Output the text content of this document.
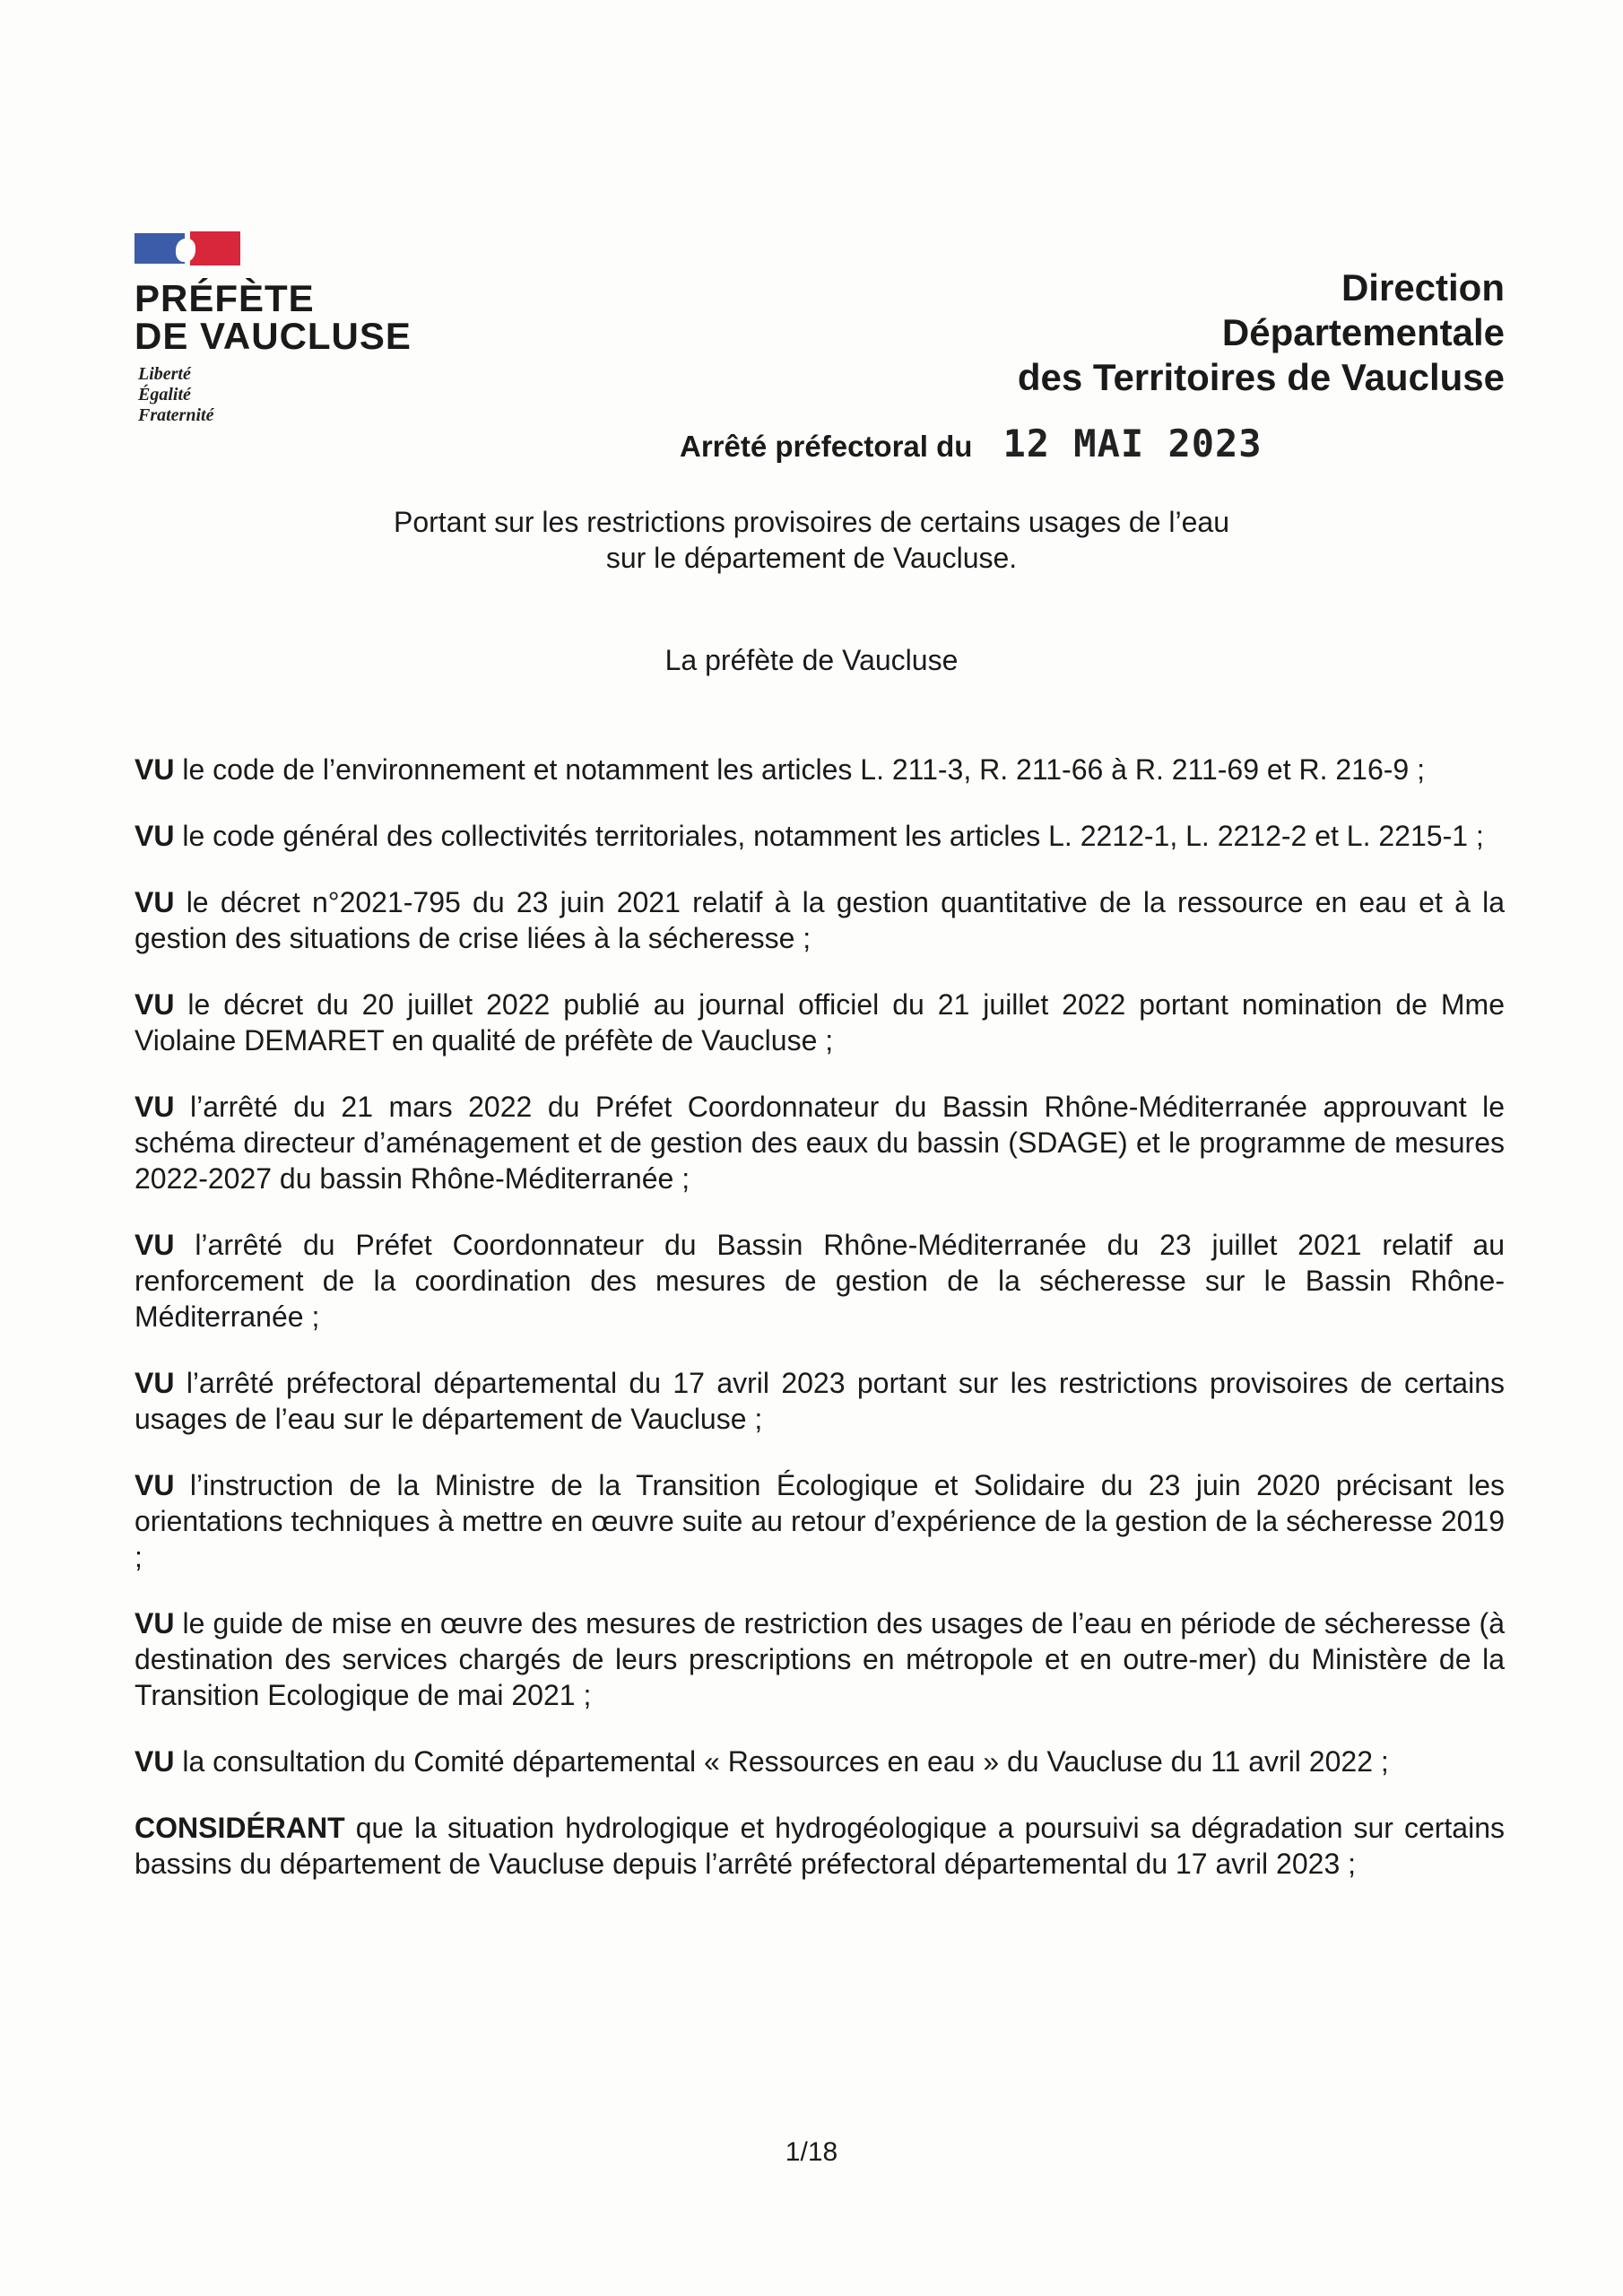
PRÉFÈTE
DE VAUCLUSE
Liberté
Égalité
Fraternité
Direction
Départementale
des Territoires de Vaucluse
Arrêté préfectoral du 12 MAI 2023
Portant sur les restrictions provisoires de certains usages de l’eau
sur le département de Vaucluse.
La préfète de Vaucluse

VU le code de l’environnement et notamment les articles L. 211-3, R. 211-66 à R. 211-69 et R. 216-9 ;

VU le code général des collectivités territoriales, notamment les articles L. 2212-1, L. 2212-2 et L. 2215-1 ;

VU le décret n°2021-795 du 23 juin 2021 relatif à la gestion quantitative de la ressource en eau et à la gestion des situations de crise liées à la sécheresse ;

VU le décret du 20 juillet 2022 publié au journal officiel du 21 juillet 2022 portant nomination de Mme Violaine DEMARET en qualité de préfète de Vaucluse ;

VU l’arrêté du 21 mars 2022 du Préfet Coordonnateur du Bassin Rhône-Méditerranée approuvant le schéma directeur d’aménagement et de gestion des eaux du bassin (SDAGE) et le programme de mesures 2022-2027 du bassin Rhône-Méditerranée ;

VU l’arrêté du Préfet Coordonnateur du Bassin Rhône-Méditerranée du 23 juillet 2021 relatif au renforcement de la coordination des mesures de gestion de la sécheresse sur le Bassin Rhône-Méditerranée ;

VU l’arrêté préfectoral départemental du 17 avril 2023 portant sur les restrictions provisoires de certains usages de l’eau sur le département de Vaucluse ;

VU l’instruction de la Ministre de la Transition Écologique et Solidaire du 23 juin 2020 précisant les orientations techniques à mettre en œuvre suite au retour d’expérience de la gestion de la sécheresse 2019 ;

VU le guide de mise en œuvre des mesures de restriction des usages de l’eau en période de sécheresse (à destination des services chargés de leurs prescriptions en métropole et en outre-mer) du Ministère de la Transition Ecologique de mai 2021 ;

VU la consultation du Comité départemental « Ressources en eau » du Vaucluse du 11 avril 2022 ;

CONSIDÉRANT que la situation hydrologique et hydrogéologique a poursuivi sa dégradation sur certains bassins du département de Vaucluse depuis l’arrêté préfectoral départemental du 17 avril 2023 ;

1/18
